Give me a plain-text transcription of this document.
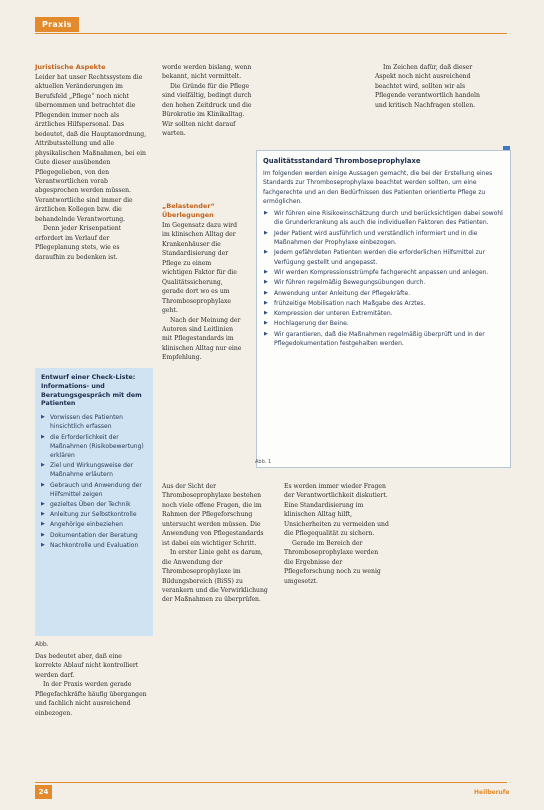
Praxis
Juristische Aspekte

Leider hat unser Rechtssystem die aktuellen Veränderungen im Berufsfeld „Pflege“ noch nicht übernommen und betrachtet die Pflegenden immer noch als ärztliches Hilfspersonal. Das bedeutet, daß die Hauptanordnung, Attributsstellung und alle physikalischen Maßnahmen, bei ein Gute dieser ausübenden Pflegegelieben, von den Verantwortlichen vorab abgesprochen werden müssen. Verantwortliche sind immer die ärztlichen Kollegen bzw. die behandelnde Verantwortung.

Denn jeder Krisenpatient erfordert im Verlauf der Pflegeplanung stets, wie es daraufhin zu bedenken ist.

Entwurf einer Check-Liste: Informations- und Beratungsgespräch mit dem Patienten
▶ Vorwissen des Patienten hinsichtlich erfassen
▶ die Erforderlichkeit der Maßnahmen (Risikobewertung) erklären
▶ Ziel und Wirkungsweise der Maßnahme erläutern
▶ Gebrauch und Anwendung der Hilfsmittel zeigen
▶ gezieltes Üben der Technik
▶ Anleitung zur Selbstkontrolle
▶ Angehörige einbeziehen
▶ Dokumentation der Beratung
▶ Nachkontrolle und Evaluation
Abb.

Das bedeutet aber, daß eine korrekte Ablauf nicht kontrolliert werden darf.

In der Praxis werden gerade Pflegefachkräfte häufig übergangen und fachlich nicht ausreichend einbezogen.

worde werden bislang, wenn bekannt, nicht vermittelt.

Die Gründe für die Pflege sind vielfältig, bedingt durch den hohen Zeitdruck und die Bürokratie im Klinikalltag. Wir sollten nicht darauf warten.

„Belastender“ Überlegungen

Im Gegensatz dazu wird im klinischen Alltag der Krankenhäuser die Standardisierung der Pflege zu einem wichtigen Faktor für die Qualitätssicherung, gerade dort wo es um Thromboseprophylaxe geht.

Nach der Meinung der Autoren sind Leitlinien mit Pflegestandards im klinischen Alltag nur eine Empfehlung.

Im Zeichen dafür, daß dieser Aspekt noch nicht ausreichend beachtet wird, sollten wir als Pflegende verantwortlich handeln und kritisch Nachfragen stellen.

Qualitätsstandard Thromboseprophylaxe
Im folgenden werden einige Aussagen gemacht, die bei der Erstellung eines Standards zur Thromboseprophylaxe beachtet werden sollten, um eine fachgerechte und an den Bedürfnissen des Patienten orientierte Pflege zu ermöglichen.
▶ Wir führen eine Risikoeinschätzung durch und berücksichtigen dabei sowohl die Grunderkrankung als auch die individuellen Faktoren des Patienten.
▶ Jeder Patient wird ausführlich und verständlich informiert und in die Maßnahmen der Prophylaxe einbezogen.
▶ Jedem gefährdeten Patienten werden die erforderlichen Hilfsmittel zur Verfügung gestellt und angepasst.
▶ Wir werden Kompressionsstrümpfe fachgerecht anpassen und anlegen.
▶ Wir führen regelmäßig Bewegungsübungen durch.
▶ Anwendung unter Anleitung der Pflegekräfte.
▶ frühzeitige Mobilisation nach Maßgabe des Arztes.
▶ Kompression der unteren Extremitäten.
▶ Hochlagerung der Beine.
▶ Wir garantieren, daß die Maßnahmen regelmäßig überprüft und in der Pflegedokumentation festgehalten werden.
Abb. 1

Aus der Sicht der Thromboseprophylaxe bestehen noch viele offene Fragen, die im Rahmen der Pflegeforschung untersucht werden müssen. Die Anwendung von Pflegestandards ist dabei ein wichtiger Schritt.

In erster Linie geht es darum, die Anwendung der Thromboseprophylaxe im Bildungsbereich (BiSS) zu verankern und die Verwirklichung der Maßnahmen zu überprüfen.

Es werden immer wieder Fragen der Verantwortlichkeit diskutiert. Eine Standardisierung im klinischen Alltag hilft, Unsicherheiten zu vermeiden und die Pflegequalität zu sichern.

Gerade im Bereich der Thromboseprophylaxe werden die Ergebnisse der Pflegeforschung noch zu wenig umgesetzt.

24	Heilberufe
